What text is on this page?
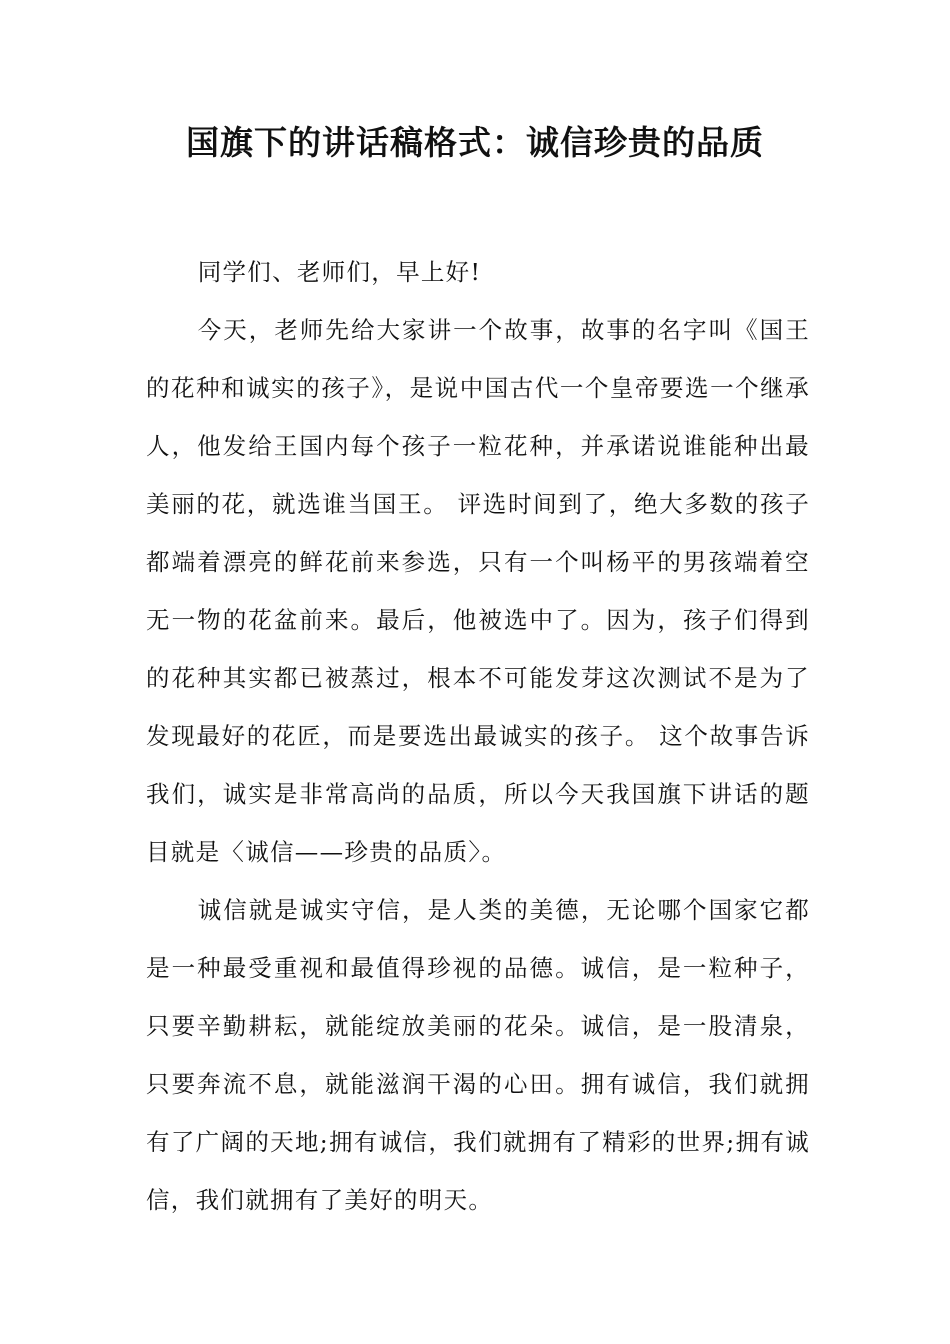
国旗下的讲话稿格式：诚信珍贵的品质

同学们、老师们，早上好!

今天，老师先给大家讲一个故事，故事的名字叫《国王的花种和诚实的孩子》，是说中国古代一个皇帝要选一个继承人，他发给王国内每个孩子一粒花种，并承诺说谁能种出最美丽的花，就选谁当国王。 评选时间到了，绝大多数的孩子都端着漂亮的鲜花前来参选，只有一个叫杨平的男孩端着空无一物的花盆前来。最后，他被选中了。因为，孩子们得到的花种其实都已被蒸过，根本不可能发芽这次测试不是为了发现最好的花匠，而是要选出最诚实的孩子。 这个故事告诉我们，诚实是非常高尚的品质，所以今天我国旗下讲话的题目就是〈诚信——珍贵的品质〉。

诚信就是诚实守信，是人类的美德，无论哪个国家它都是一种最受重视和最值得珍视的品德。诚信，是一粒种子，只要辛勤耕耘，就能绽放美丽的花朵。诚信，是一股清泉，只要奔流不息，就能滋润干渴的心田。拥有诚信，我们就拥有了广阔的天地;拥有诚信，我们就拥有了精彩的世界;拥有诚信，我们就拥有了美好的明天。
